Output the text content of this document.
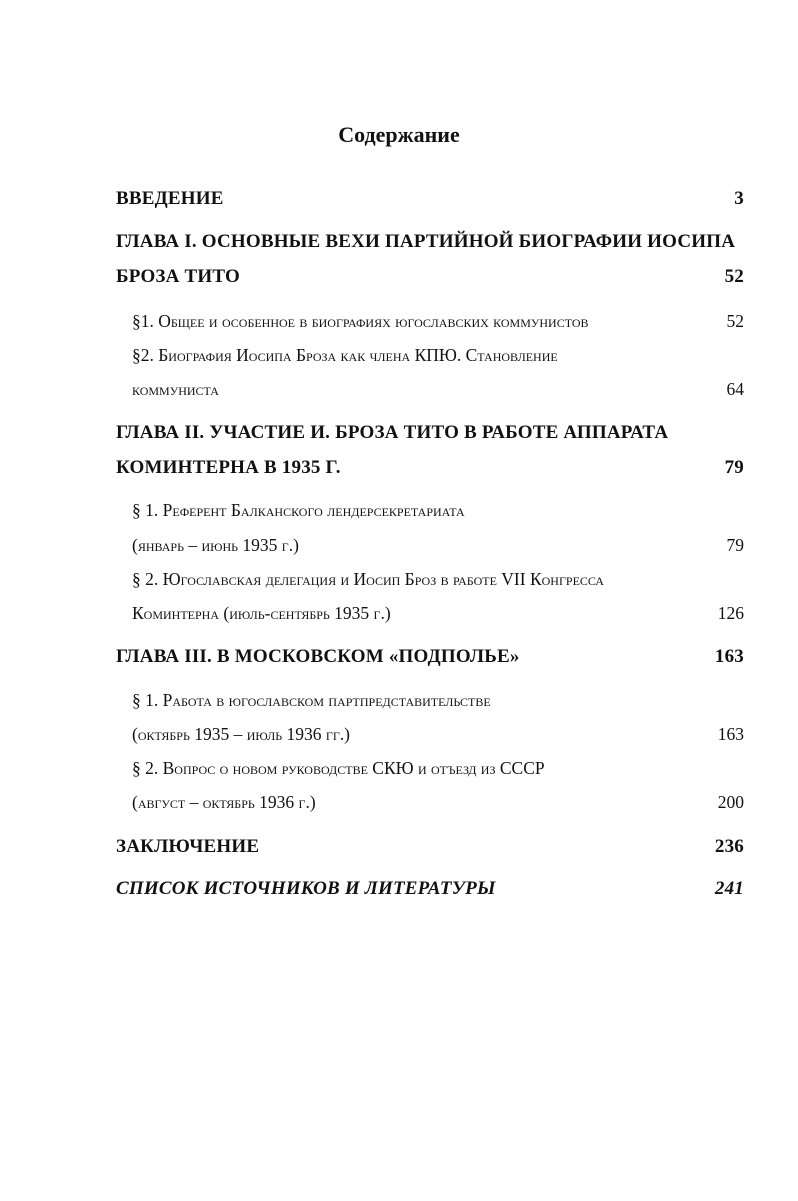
Содержание
ВВЕДЕНИЕ	3
ГЛАВА I. ОСНОВНЫЕ ВЕХИ ПАРТИЙНОЙ БИОГРАФИИ ИОСИПА
БРОЗА ТИТО	52
§1. Общее и особенное в биографиях югославских коммунистов	52
§2. Биография Иосипа Броза как члена КПЮ. Становление
коммуниста	64
ГЛАВА II. УЧАСТИЕ И. БРОЗА ТИТО В РАБОТЕ АППАРАТА
КОМИНТЕРНА В 1935 Г.	79
§ 1. Референт Балканского лендерсекретариата
(январь – июнь 1935 г.)	79
§ 2. Югославская делегация и Иосип Броз в работе VII Конгресса
Коминтерна (июль-сентябрь 1935 г.)	126
ГЛАВА III. В МОСКОВСКОМ «ПОДПОЛЬЕ»	163
§ 1. Работа в югославском партпредставительстве
(октябрь 1935 – июль 1936 гг.)	163
§ 2. Вопрос о новом руководстве СКЮ и отъезд из СССР
(август – октябрь 1936 г.)	200
ЗАКЛЮЧЕНИЕ	236
СПИСОК ИСТОЧНИКОВ И ЛИТЕРАТУРЫ	241
